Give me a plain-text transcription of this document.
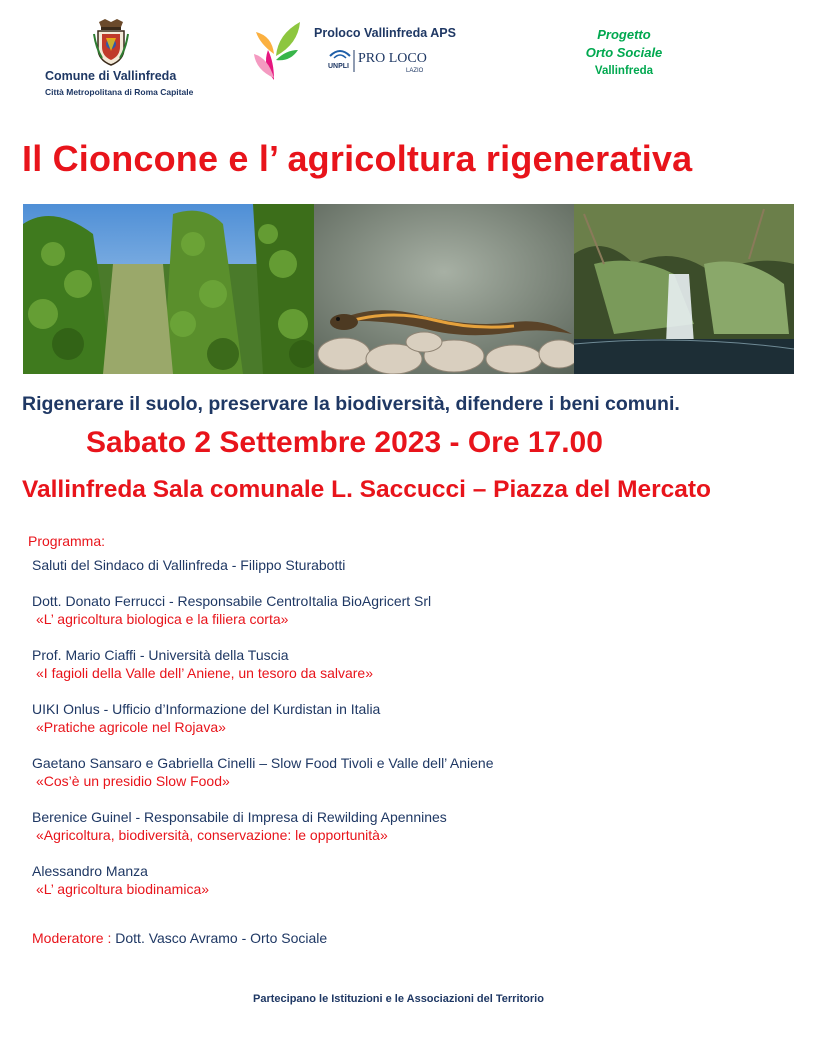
Comune di Vallinfreda
Città Metropolitana di Roma Capitale
Proloco Vallinfreda APS
UNPLI
PRO LOCO
LAZIO
Progetto
Orto Sociale
Vallinfreda
Il Cioncone e l’ agricoltura rigenerativa
Rigenerare il suolo, preservare la biodiversità, difendere i beni comuni.
Sabato 2 Settembre 2023 - Ore 17.00
Vallinfreda Sala comunale L. Saccucci – Piazza del Mercato
Programma:
Saluti del Sindaco di Vallinfreda - Filippo Sturabotti
Dott. Donato Ferrucci - Responsabile CentroItalia BioAgricert Srl
«L’ agricoltura biologica e la filiera corta»
Prof. Mario Ciaffi - Università della Tuscia
«I fagioli della Valle dell’ Aniene, un tesoro da salvare»
UIKI Onlus - Ufficio d’Informazione del Kurdistan in Italia
«Pratiche agricole nel Rojava»
Gaetano Sansaro e Gabriella Cinelli – Slow Food Tivoli e Valle dell’ Aniene
«Cos’è un presidio Slow Food»
Berenice Guinel - Responsabile di Impresa di Rewilding Apennines
«Agricoltura, biodiversità, conservazione: le opportunità»
Alessandro Manza
«L’ agricoltura biodinamica»
Moderatore : Dott. Vasco Avramo - Orto Sociale
Partecipano le Istituzioni e le Associazioni del Territorio
